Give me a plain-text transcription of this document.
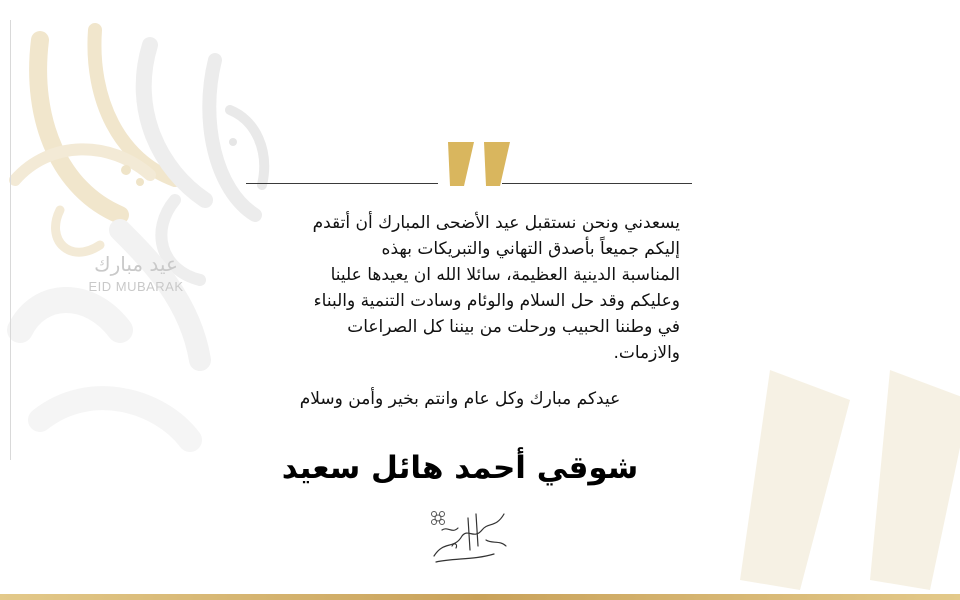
عيد مبارك
EID MUBARAK
يسعدني ونحن نستقبل عيد الأضحى المبارك أن أتقدم
إليكم جميعاً بأصدق التهاني والتبريكات بهذه
المناسبة الدينية العظيمة، سائلا الله ان يعيدها علينا
وعليكم وقد حل السلام والوئام وسادت التنمية والبناء
في وطننا الحبيب ورحلت من بيننا كل الصراعات
والازمات.
عيدكم مبارك وكل عام وانتم بخير وأمن وسلام
شوقي أحمد هائل سعيد
